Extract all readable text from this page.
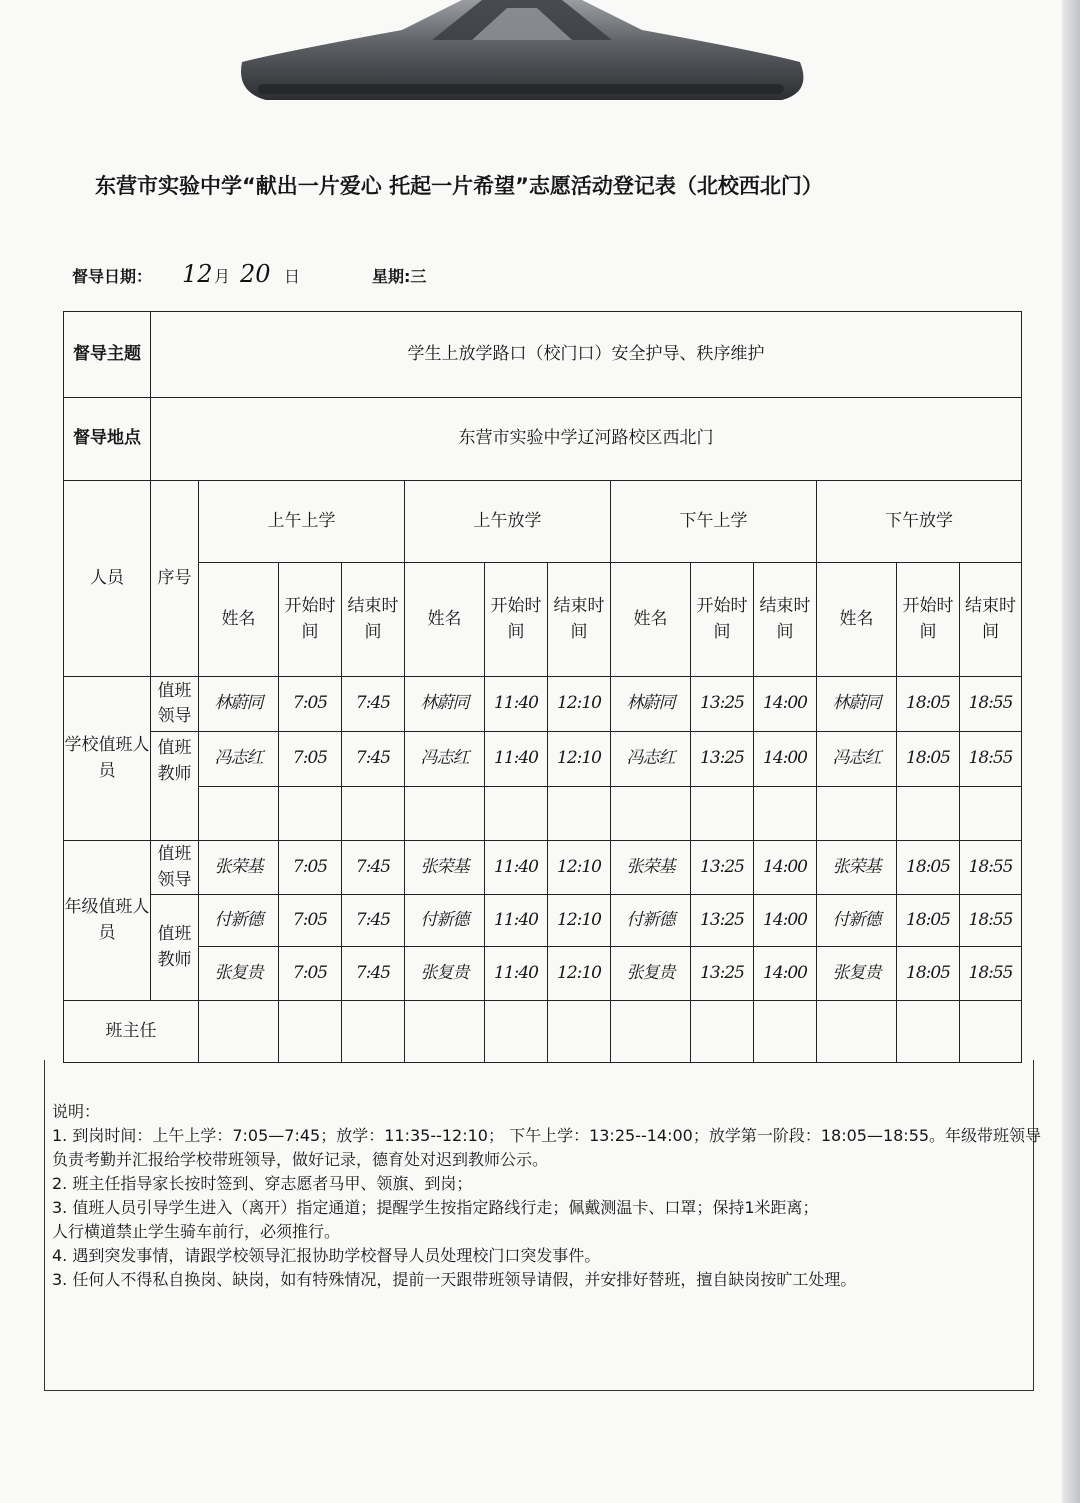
东营市实验中学“献出一片爱心 托起一片希望”志愿活动登记表（北校西北门）
督导日期： 12 月 20 日	星期:三
督导主题	学生上放学路口（校门口）安全护导、秩序维护												
督导地点	东营市实验中学辽河路校区西北门												
人员	序号	上午上学			上午放学			下午上学			下午放学		
		姓名	开始时间	结束时间	姓名	开始时间	结束时间	姓名	开始时间	结束时间	姓名	开始时间	结束时间
学校值班人员	值班领导	林蔚同	7:05	7:45	林蔚同	11:40	12:10	林蔚同	13:25	14:00	林蔚同	18:05	18:55
	值班教师	冯志红	7:05	7:45	冯志红	11:40	12:10	冯志红	13:25	14:00	冯志红	18:05	18:55

年级值班人员	值班领导	张荣基	7:05	7:45	张荣基	11:40	12:10	张荣基	13:25	14:00	张荣基	18:05	18:55
	值班教师	付新德	7:05	7:45	付新德	11:40	12:10	付新德	13:25	14:00	付新德	18:05	18:55
		张复贵	7:05	7:45	张复贵	11:40	12:10	张复贵	13:25	14:00	张复贵	18:05	18:55
班主任													

说明：

1. 到岗时间：上午上学：7:05—7:45；放学：11:35--12:10； 下午上学：13:25--14:00；放学第一阶段：18:05—18:55。年级带班领导负责考勤并汇报给学校带班领导，做好记录，德育处对迟到教师公示。

2. 班主任指导家长按时签到、穿志愿者马甲、领旗、到岗；

3. 值班人员引导学生进入（离开）指定通道；提醒学生按指定路线行走；佩戴测温卡、口罩；保持1米距离；

人行横道禁止学生骑车前行，必须推行。

4. 遇到突发事情，请跟学校领导汇报协助学校督导人员处理校门口突发事件。

3. 任何人不得私自换岗、缺岗，如有特殊情况，提前一天跟带班领导请假，并安排好替班，擅自缺岗按旷工处理。
